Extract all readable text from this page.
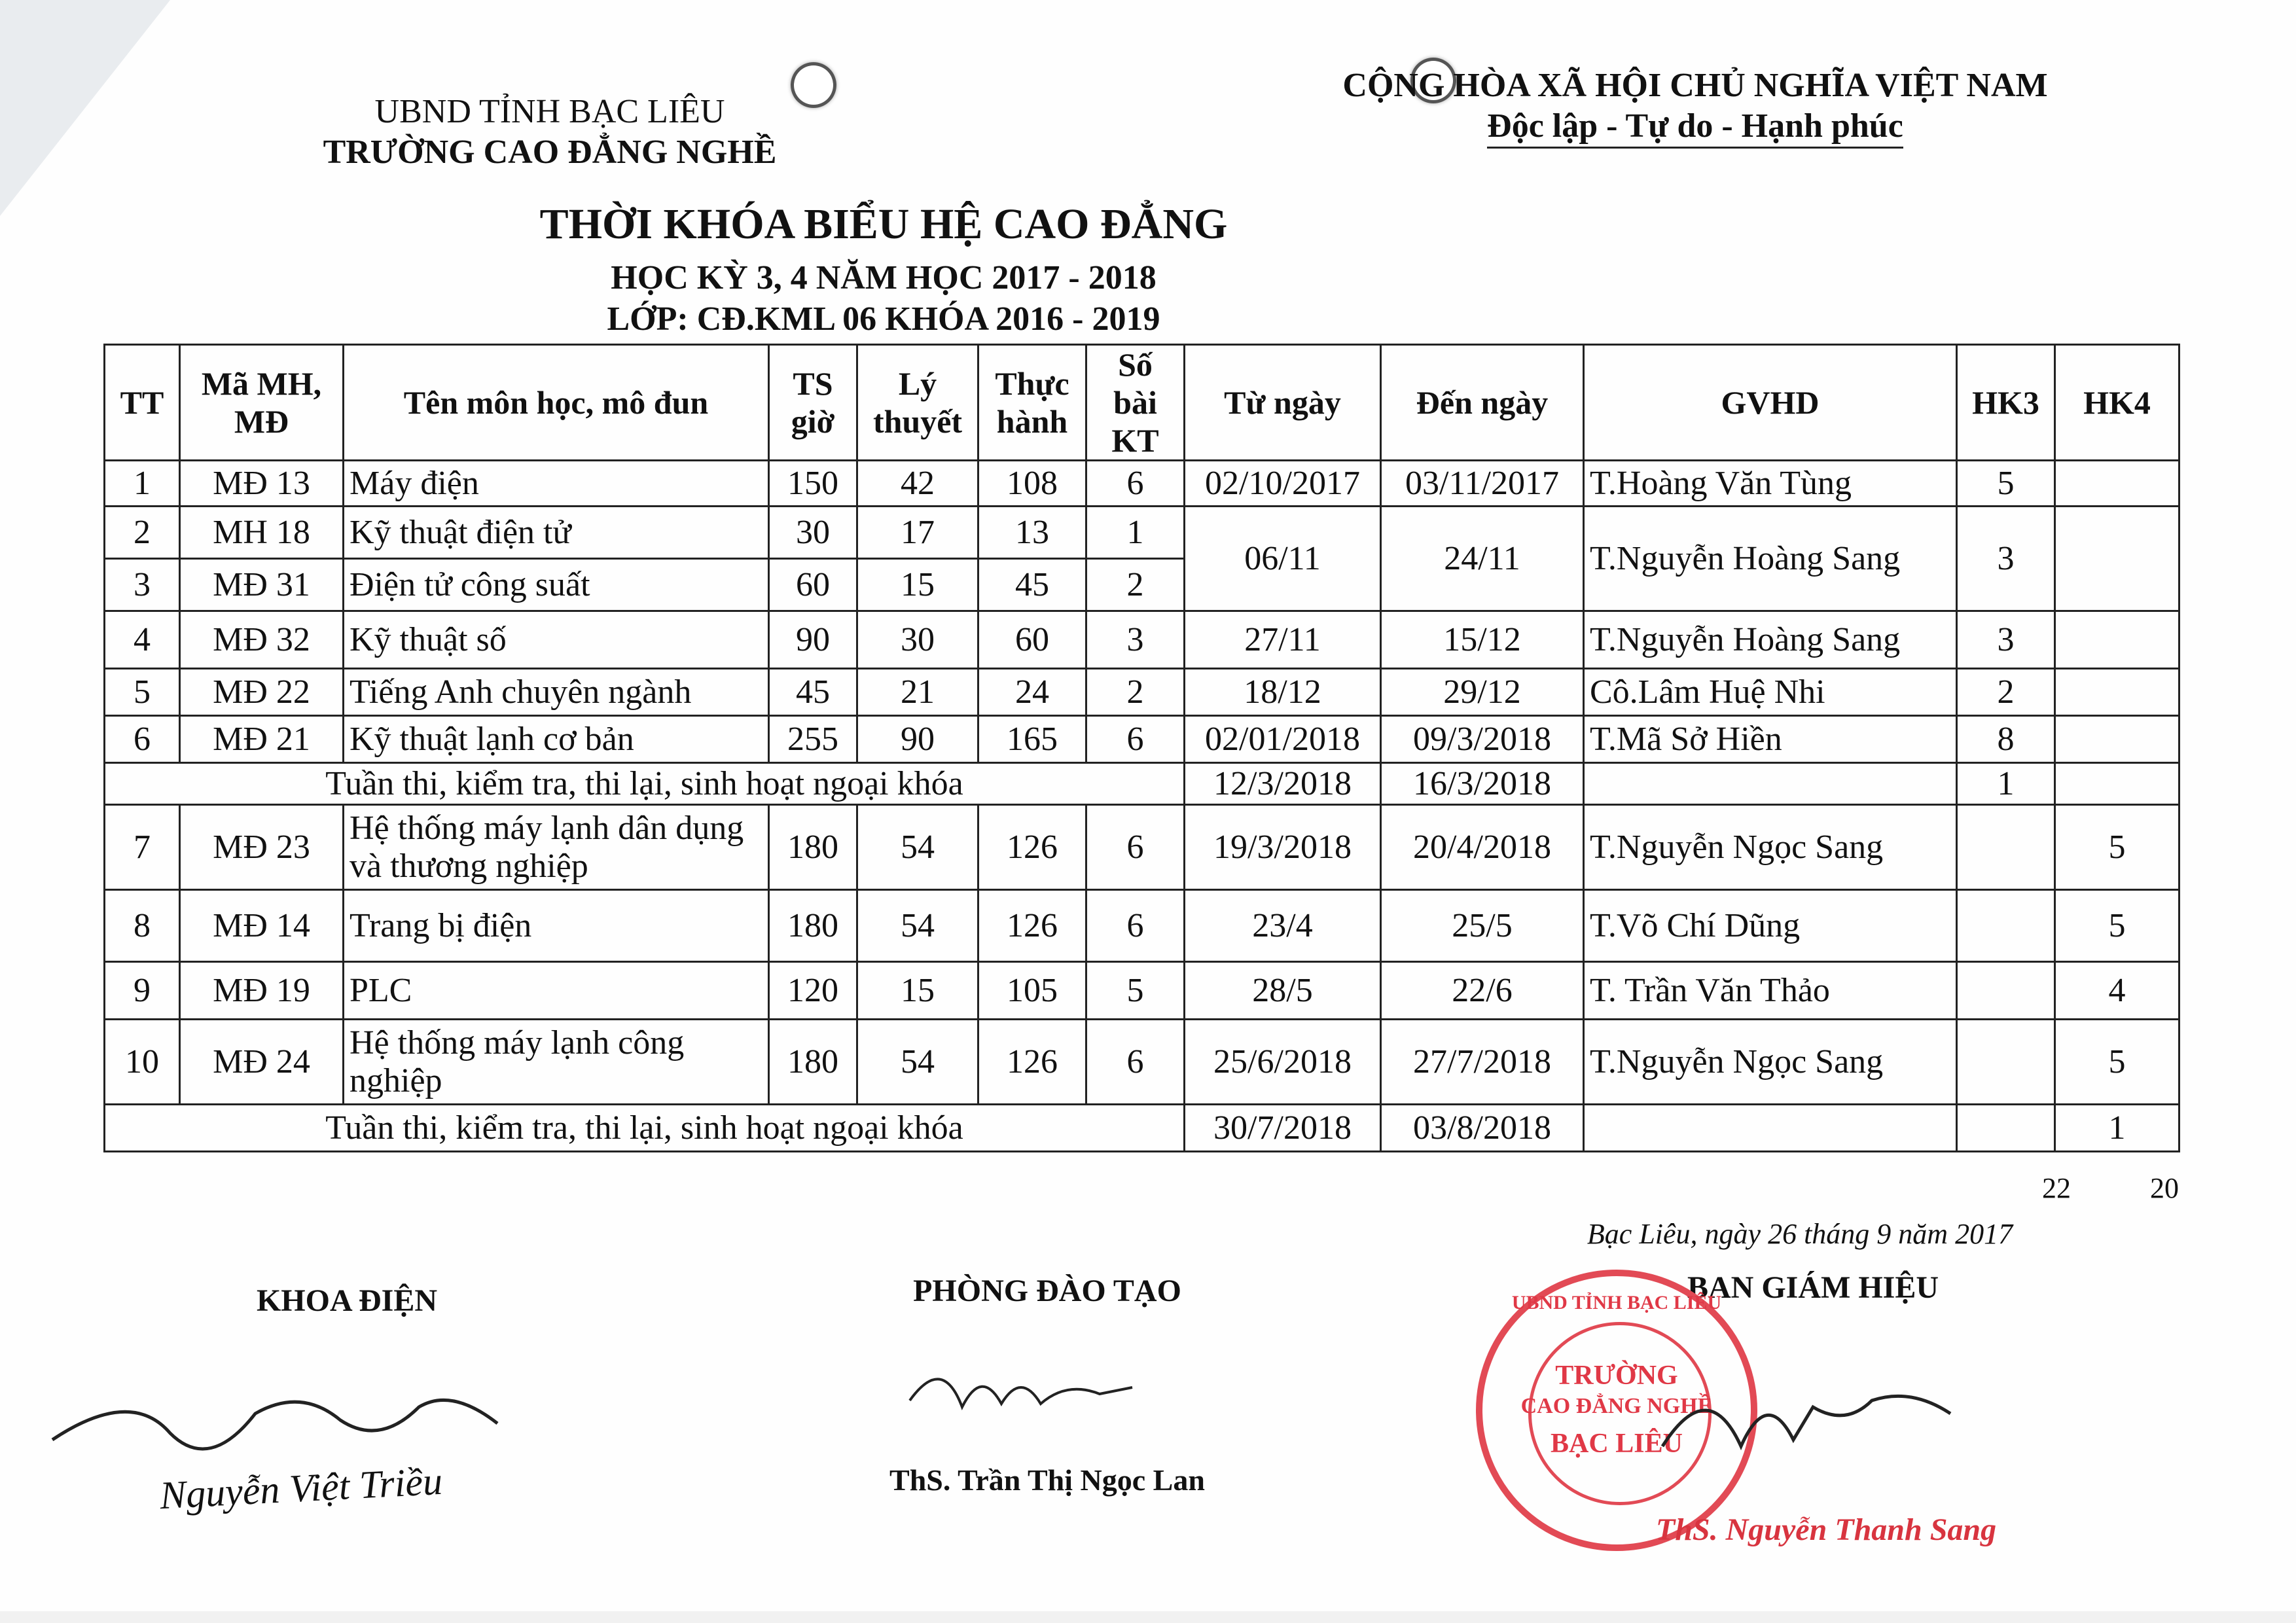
UBND TỈNH BẠC LIÊU
TRƯỜNG CAO ĐẲNG NGHỀ
CỘNG HÒA XÃ HỘI CHỦ NGHĨA VIỆT NAM
Độc lập - Tự do - Hạnh phúc
THỜI KHÓA BIỂU HỆ CAO ĐẲNG
HỌC KỲ 3, 4 NĂM HỌC 2017 - 2018
LỚP: CĐ.KML 06 KHÓA 2016 - 2019
TT	Mã MH, MĐ	Tên môn học, mô đun	TS giờ	Lý thuyết	Thực hành	Số bài KT	Từ ngày	Đến ngày	GVHD	HK3	HK4
1	MĐ 13	Máy điện	150	42	108	6	02/10/2017	03/11/2017	T.Hoàng Văn Tùng	5	
2	MH 18	Kỹ thuật điện tử	30	17	13	1	06/11	24/11	T.Nguyễn Hoàng Sang	3	
3	MĐ 31	Điện tử công suất	60	15	45	2					
4	MĐ 32	Kỹ thuật số	90	30	60	3	27/11	15/12	T.Nguyễn Hoàng Sang	3	
5	MĐ 22	Tiếng Anh chuyên ngành	45	21	24	2	18/12	29/12	Cô.Lâm Huệ Nhi	2	
6	MĐ 21	Kỹ thuật lạnh cơ bản	255	90	165	6	02/01/2018	09/3/2018	T.Mã Sở Hiền	8	
Tuần thi, kiểm tra, thi lại, sinh hoạt ngoại khóa							12/3/2018	16/3/2018		1	
7	MĐ 23	Hệ thống máy lạnh dân dụng và thương nghiệp	180	54	126	6	19/3/2018	20/4/2018	T.Nguyễn Ngọc Sang		5
8	MĐ 14	Trang bị điện	180	54	126	6	23/4	25/5	T.Võ Chí Dũng		5
9	MĐ 19	PLC	120	15	105	5	28/5	22/6	T. Trần Văn Thảo		4
10	MĐ 24	Hệ thống máy lạnh công nghiệp	180	54	126	6	25/6/2018	27/7/2018	T.Nguyễn Ngọc Sang		5
Tuần thi, kiểm tra, thi lại, sinh hoạt ngoại khóa							30/7/2018	03/8/2018			1
22	20
Bạc Liêu, ngày 26 tháng 9 năm 2017
KHOA ĐIỆN
Nguyễn Việt Triều
PHÒNG ĐÀO TẠO
ThS. Trần Thị Ngọc Lan
BAN GIÁM HIỆU
UBND TỈNH BẠC LIÊU
TRƯỜNG
CAO ĐẲNG NGHỀ
BẠC LIÊU
ThS. Nguyễn Thanh Sang
